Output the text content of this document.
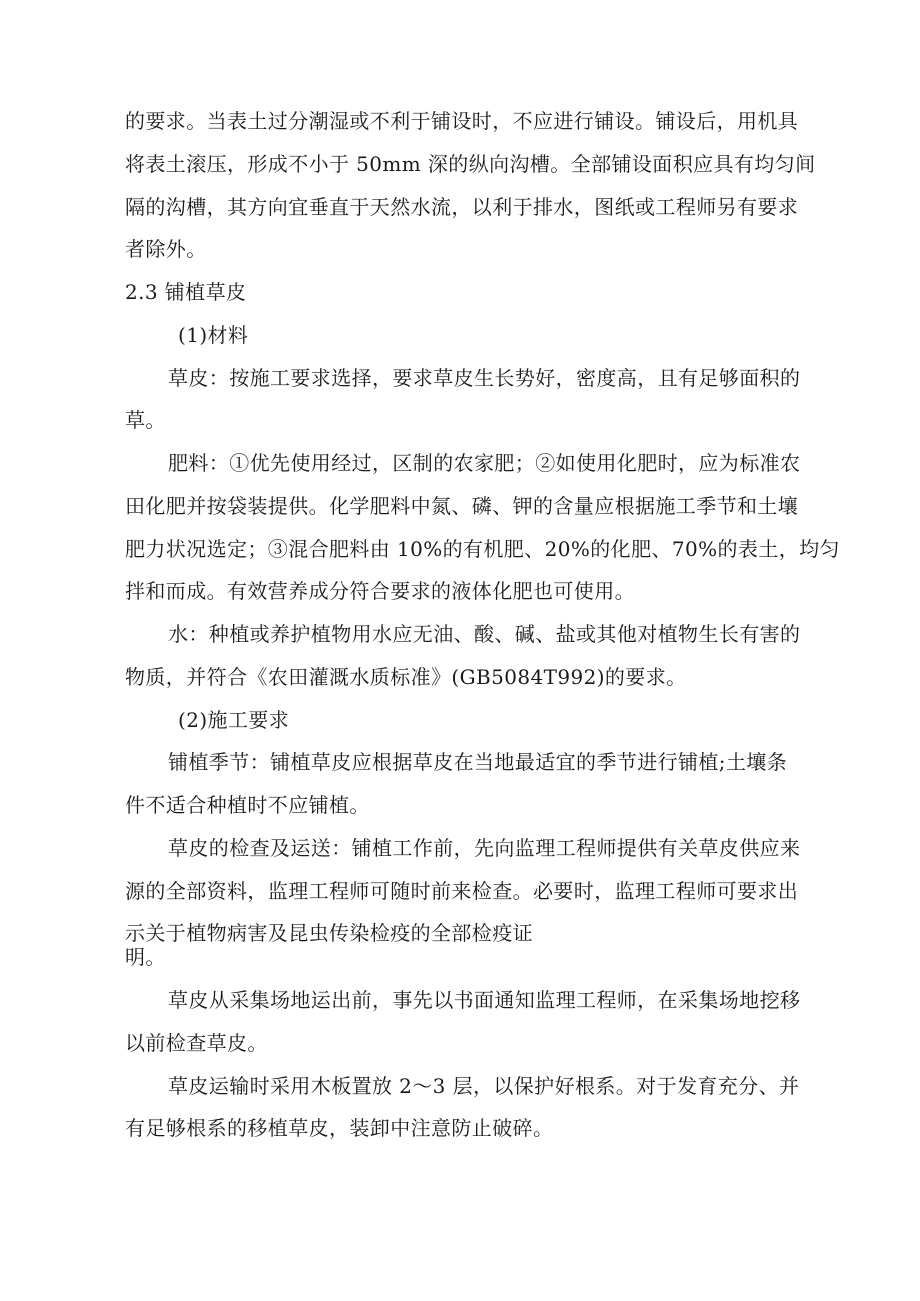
的要求。当表土过分潮湿或不利于铺设时，不应进行铺设。铺设后，用机具
将表土滚压，形成不小于 50mm 深的纵向沟槽。全部铺设面积应具有均匀间
隔的沟槽，其方向宜垂直于天然水流，以利于排水，图纸或工程师另有要求
者除外。
2.3 铺植草皮
(1)材料
草皮：按施工要求选择，要求草皮生长势好，密度高，且有足够面积的
草。
肥料：①优先使用经过，区制的农家肥；②如使用化肥时，应为标准农
田化肥并按袋装提供。化学肥料中氮、磷、钾的含量应根据施工季节和土壤
肥力状况选定；③混合肥料由 10%的有机肥、20%的化肥、70%的表土，均匀
拌和而成。有效营养成分符合要求的液体化肥也可使用。
水：种植或养护植物用水应无油、酸、碱、盐或其他对植物生长有害的
物质，并符合《农田灌溉水质标准》(GB5084T992)的要求。
(2)施工要求
铺植季节：铺植草皮应根据草皮在当地最适宜的季节进行铺植;土壤条
件不适合种植时不应铺植。
草皮的检查及运送：铺植工作前，先向监理工程师提供有关草皮供应来
源的全部资料，监理工程师可随时前来检查。必要时，监理工程师可要求出
示关于植物病害及昆虫传染检疫的全部检疫证
明。
草皮从采集场地运出前，事先以书面通知监理工程师，在采集场地挖移
以前检查草皮。
草皮运输时采用木板置放 2～3 层，以保护好根系。对于发育充分、并
有足够根系的移植草皮，装卸中注意防止破碎。
